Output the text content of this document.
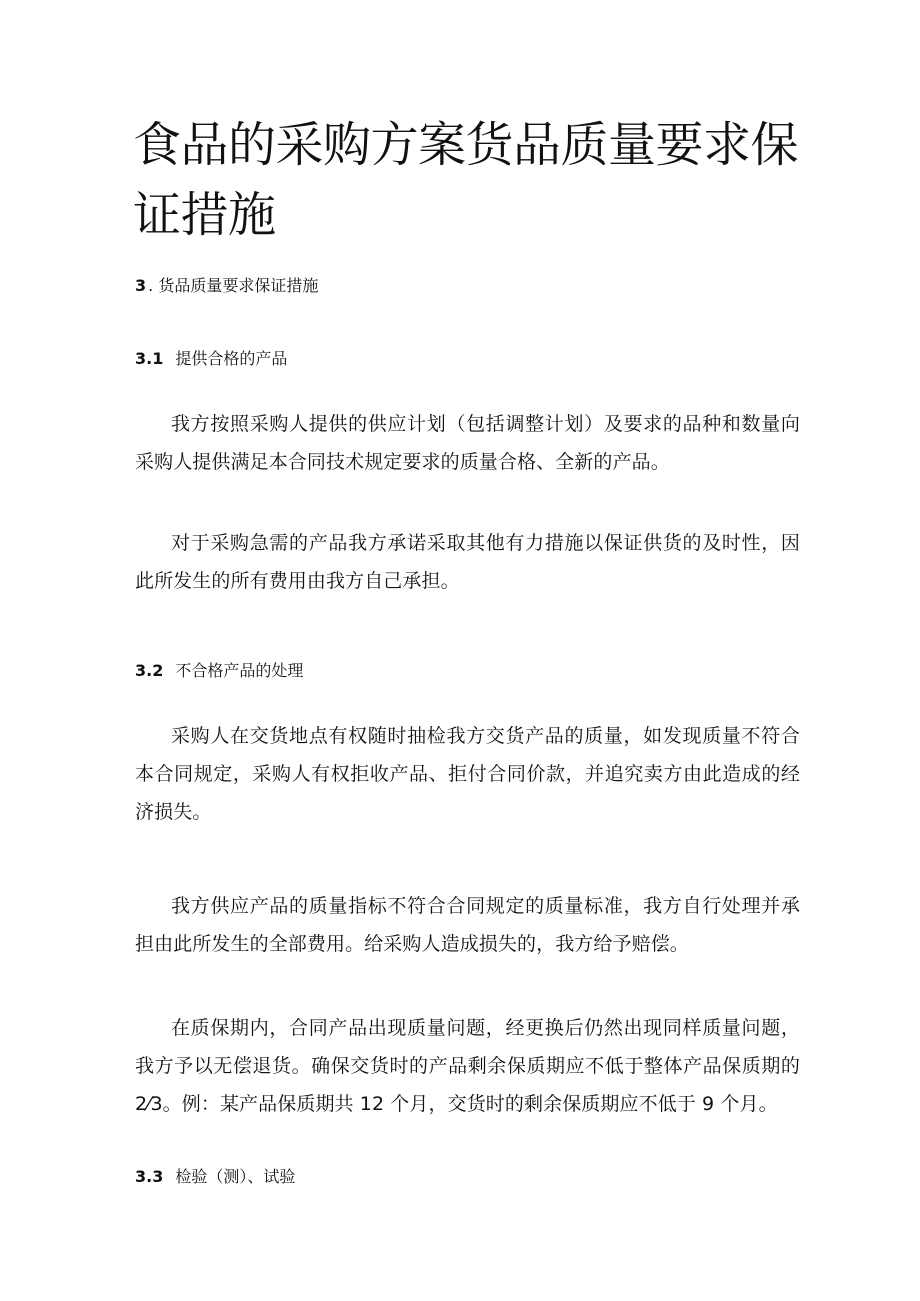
食品的采购方案货品质量要求保证措施
3 . 货品质量要求保证措施
3.1 提供合格的产品

我方按照采购人提供的供应计划（包括调整计划）及要求的品种和数量向采购人提供满足本合同技术规定要求的质量合格、全新的产品。

对于采购急需的产品我方承诺采取其他有力措施以保证供货的及时性，因此所发生的所有费用由我方自己承担。

3.2 不合格产品的处理

采购人在交货地点有权随时抽检我方交货产品的质量，如发现质量不符合本合同规定，采购人有权拒收产品、拒付合同价款，并追究卖方由此造成的经济损失。

我方供应产品的质量指标不符合合同规定的质量标准，我方自行处理并承担由此所发生的全部费用。给采购人造成损失的，我方给予赔偿。

在质保期内，合同产品出现质量问题，经更换后仍然出现同样质量问题，我方予以无偿退货。确保交货时的产品剩余保质期应不低于整体产品保质期的 2⁄3。例：某产品保质期共 12 个月，交货时的剩余保质期应不低于 9 个月。

3.3 检验（测）、试验
